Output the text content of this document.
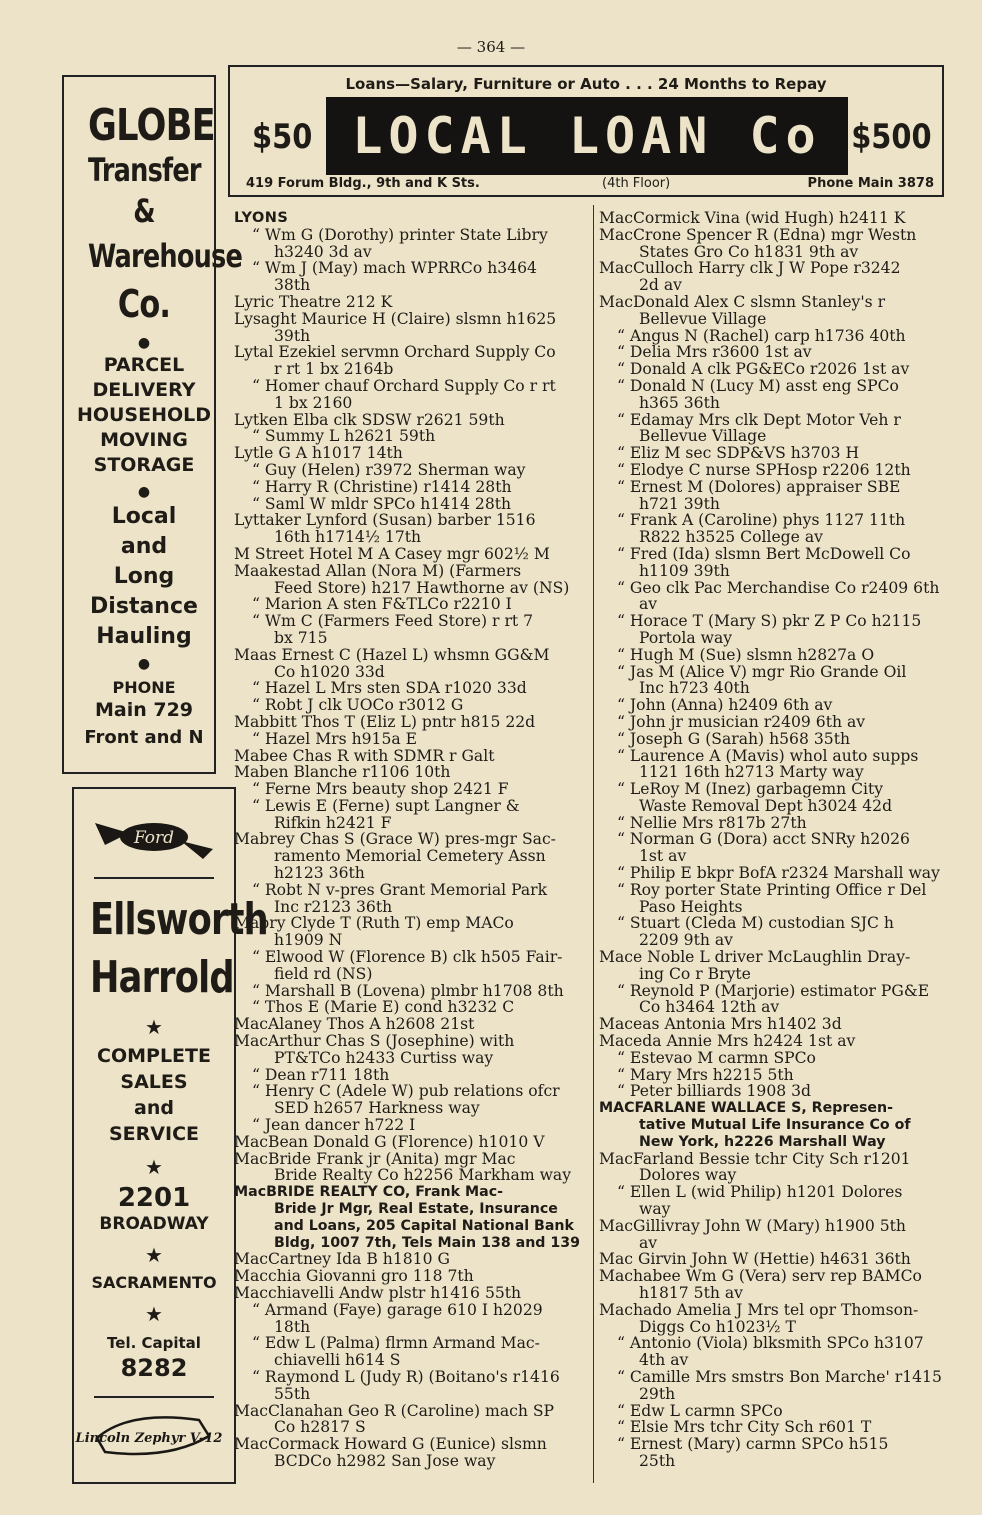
— 364 —
Loans—Salary, Furniture or Auto . . . 24 Months to Repay
$50 LOCAL LOAN Co $500
419 Forum Bldg., 9th and K Sts.	(4th Floor)	Phone Main 3878
GLOBE
Transfer
&
Warehouse
Co.
●
PARCEL
DELIVERY
HOUSEHOLD
MOVING
STORAGE
●
Local
and
Long
Distance
Hauling
●
PHONE
Main 729
Front and N
Ford
Ellsworth
Harrold
★
COMPLETE
SALES
and
SERVICE
★
2201
BROADWAY
★
SACRAMENTO
★
Tel. Capital
8282
Lincoln Zephyr V-12
LYONS
“ Wm G (Dorothy) printer State Libry
h3240 3d av
“ Wm J (May) mach WPRRCo h3464
38th
Lyric Theatre 212 K
Lysaght Maurice H (Claire) slsmn h1625
39th
Lytal Ezekiel servmn Orchard Supply Co
r rt 1 bx 2164b
“ Homer chauf Orchard Supply Co r rt
1 bx 2160
Lytken Elba clk SDSW r2621 59th
“ Summy L h2621 59th
Lytle G A h1017 14th
“ Guy (Helen) r3972 Sherman way
“ Harry R (Christine) r1414 28th
“ Saml W mldr SPCo h1414 28th
Lyttaker Lynford (Susan) barber 1516
16th h1714½ 17th
M Street Hotel M A Casey mgr 602½ M
Maakestad Allan (Nora M) (Farmers
Feed Store) h217 Hawthorne av (NS)
“ Marion A sten F&TLCo r2210 I
“ Wm C (Farmers Feed Store) r rt 7
bx 715
Maas Ernest C (Hazel L) whsmn GG&M
Co h1020 33d
“ Hazel L Mrs sten SDA r1020 33d
“ Robt J clk UOCo r3012 G
Mabbitt Thos T (Eliz L) pntr h815 22d
“ Hazel Mrs h915a E
Mabee Chas R with SDMR r Galt
Maben Blanche r1106 10th
“ Ferne Mrs beauty shop 2421 F
“ Lewis E (Ferne) supt Langner &
Rifkin h2421 F
Mabrey Chas S (Grace W) pres-mgr Sac-
ramento Memorial Cemetery Assn
h2123 36th
“ Robt N v-pres Grant Memorial Park
Inc r2123 36th
Mabry Clyde T (Ruth T) emp MACo
h1909 N
“ Elwood W (Florence B) clk h505 Fair-
field rd (NS)
“ Marshall B (Lovena) plmbr h1708 8th
“ Thos E (Marie E) cond h3232 C
MacAlaney Thos A h2608 21st
MacArthur Chas S (Josephine) with
PT&TCo h2433 Curtiss way
“ Dean r711 18th
“ Henry C (Adele W) pub relations ofcr
SED h2657 Harkness way
“ Jean dancer h722 I
MacBean Donald G (Florence) h1010 V
MacBride Frank jr (Anita) mgr Mac
Bride Realty Co h2256 Markham way
MacBRIDE REALTY CO, Frank Mac-
Bride Jr Mgr, Real Estate, Insurance
and Loans, 205 Capital National Bank
Bldg, 1007 7th, Tels Main 138 and 139
MacCartney Ida B h1810 G
Macchia Giovanni gro 118 7th
Macchiavelli Andw plstr h1416 55th
“ Armand (Faye) garage 610 I h2029
18th
“ Edw L (Palma) flrmn Armand Mac-
chiavelli h614 S
“ Raymond L (Judy R) (Boitano's r1416
55th
MacClanahan Geo R (Caroline) mach SP
Co h2817 S
MacCormack Howard G (Eunice) slsmn
BCDCo h2982 San Jose way
MacCormick Vina (wid Hugh) h2411 K
MacCrone Spencer R (Edna) mgr Westn
States Gro Co h1831 9th av
MacCulloch Harry clk J W Pope r3242
2d av
MacDonald Alex C slsmn Stanley's r
Bellevue Village
“ Angus N (Rachel) carp h1736 40th
“ Delia Mrs r3600 1st av
“ Donald A clk PG&ECo r2026 1st av
“ Donald N (Lucy M) asst eng SPCo
h365 36th
“ Edamay Mrs clk Dept Motor Veh r
Bellevue Village
“ Eliz M sec SDP&VS h3703 H
“ Elodye C nurse SPHosp r2206 12th
“ Ernest M (Dolores) appraiser SBE
h721 39th
“ Frank A (Caroline) phys 1127 11th
R822 h3525 College av
“ Fred (Ida) slsmn Bert McDowell Co
h1109 39th
“ Geo clk Pac Merchandise Co r2409 6th
av
“ Horace T (Mary S) pkr Z P Co h2115
Portola way
“ Hugh M (Sue) slsmn h2827a O
“ Jas M (Alice V) mgr Rio Grande Oil
Inc h723 40th
“ John (Anna) h2409 6th av
“ John jr musician r2409 6th av
“ Joseph G (Sarah) h568 35th
“ Laurence A (Mavis) whol auto supps
1121 16th h2713 Marty way
“ LeRoy M (Inez) garbagemn City
Waste Removal Dept h3024 42d
“ Nellie Mrs r817b 27th
“ Norman G (Dora) acct SNRy h2026
1st av
“ Philip E bkpr BofA r2324 Marshall way
“ Roy porter State Printing Office r Del
Paso Heights
“ Stuart (Cleda M) custodian SJC h
2209 9th av
Mace Noble L driver McLaughlin Dray-
ing Co r Bryte
“ Reynold P (Marjorie) estimator PG&E
Co h3464 12th av
Maceas Antonia Mrs h1402 3d
Maceda Annie Mrs h2424 1st av
“ Estevao M carmn SPCo
“ Mary Mrs h2215 5th
“ Peter billiards 1908 3d
MACFARLANE WALLACE S, Represen-
tative Mutual Life Insurance Co of
New York, h2226 Marshall Way
MacFarland Bessie tchr City Sch r1201
Dolores way
“ Ellen L (wid Philip) h1201 Dolores
way
MacGillivray John W (Mary) h1900 5th
av
Mac Girvin John W (Hettie) h4631 36th
Machabee Wm G (Vera) serv rep BAMCo
h1817 5th av
Machado Amelia J Mrs tel opr Thomson-
Diggs Co h1023½ T
“ Antonio (Viola) blksmith SPCo h3107
4th av
“ Camille Mrs smstrs Bon Marche' r1415
29th
“ Edw L carmn SPCo
“ Elsie Mrs tchr City Sch r601 T
“ Ernest (Mary) carmn SPCo h515
25th
